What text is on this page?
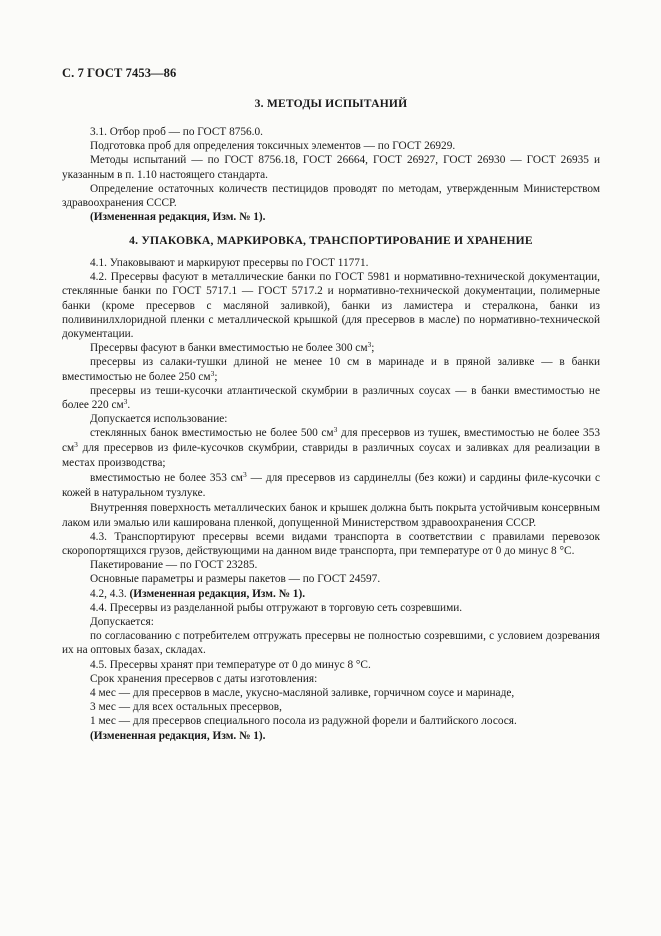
С. 7 ГОСТ 7453—86
3. МЕТОДЫ ИСПЫТАНИЙ

3.1. Отбор проб — по ГОСТ 8756.0.

Подготовка проб для определения токсичных элементов — по ГОСТ 26929.

Методы испытаний — по ГОСТ 8756.18, ГОСТ 26664, ГОСТ 26927, ГОСТ 26930 — ГОСТ 26935 и указанным в п. 1.10 настоящего стандарта.

Определение остаточных количеств пестицидов проводят по методам, утвержденным Министерством здравоохранения СССР.

(Измененная редакция, Изм. № 1).

4. УПАКОВКА, МАРКИРОВКА, ТРАНСПОРТИРОВАНИЕ И ХРАНЕНИЕ

4.1. Упаковывают и маркируют пресервы по ГОСТ 11771.

4.2. Пресервы фасуют в металлические банки по ГОСТ 5981 и нормативно-технической документации, стеклянные банки по ГОСТ 5717.1 — ГОСТ 5717.2 и нормативно-технической документации, полимерные банки (кроме пресервов с масляной заливкой), банки из ламистера и стералкона, банки из поливинилхлоридной пленки с металлической крышкой (для пресервов в масле) по нормативно-технической документации.

Пресервы фасуют в банки вместимостью не более 300 $см^3$;

пресервы из салаки-тушки длиной не менее 10 см в маринаде и в пряной заливке — в банки вместимостью не более 250 $см^3$;

пресервы из теши-кусочки атлантической скумбрии в различных соусах — в банки вместимостью не более 220 $см^3$.

Допускается использование:

стеклянных банок вместимостью не более 500 $см^3$ для пресервов из тушек, вместимостью не более 353 $см^3$ для пресервов из филе-кусочков скумбрии, ставриды в различных соусах и заливках для реализации в местах производства;

вместимостью не более 353 $см^3$ — для пресервов из сардинеллы (без кожи) и сардины филе-кусочки с кожей в натуральном тузлуке.

Внутренняя поверхность металлических банок и крышек должна быть покрыта устойчивым консервным лаком или эмалью или кашированa пленкой, допущенной Министерством здравоохранения СССР.

4.3. Транспортируют пресервы всеми видами транспорта в соответствии с правилами перевозок скоропортящихся грузов, действующими на данном виде транспорта, при температуре от 0 до минус 8 °С.

Пакетирование — по ГОСТ 23285.

Основные параметры и размеры пакетов — по ГОСТ 24597.

4.2, 4.3. (Измененная редакция, Изм. № 1).

4.4. Пресервы из разделанной рыбы отгружают в торговую сеть созревшими.

Допускается:

по согласованию с потребителем отгружать пресервы не полностью созревшими, с условием дозревания их на оптовых базах, складах.

4.5. Пресервы хранят при температуре от 0 до минус 8 °С.

Срок хранения пресервов с даты изготовления:

4 мес — для пресервов в масле, укусно-масляной заливке, горчичном соусе и маринаде,

3 мес — для всех остальных пресервов,

1 мес — для пресервов специального посола из радужной форели и балтийского лосося.

(Измененная редакция, Изм. № 1).
